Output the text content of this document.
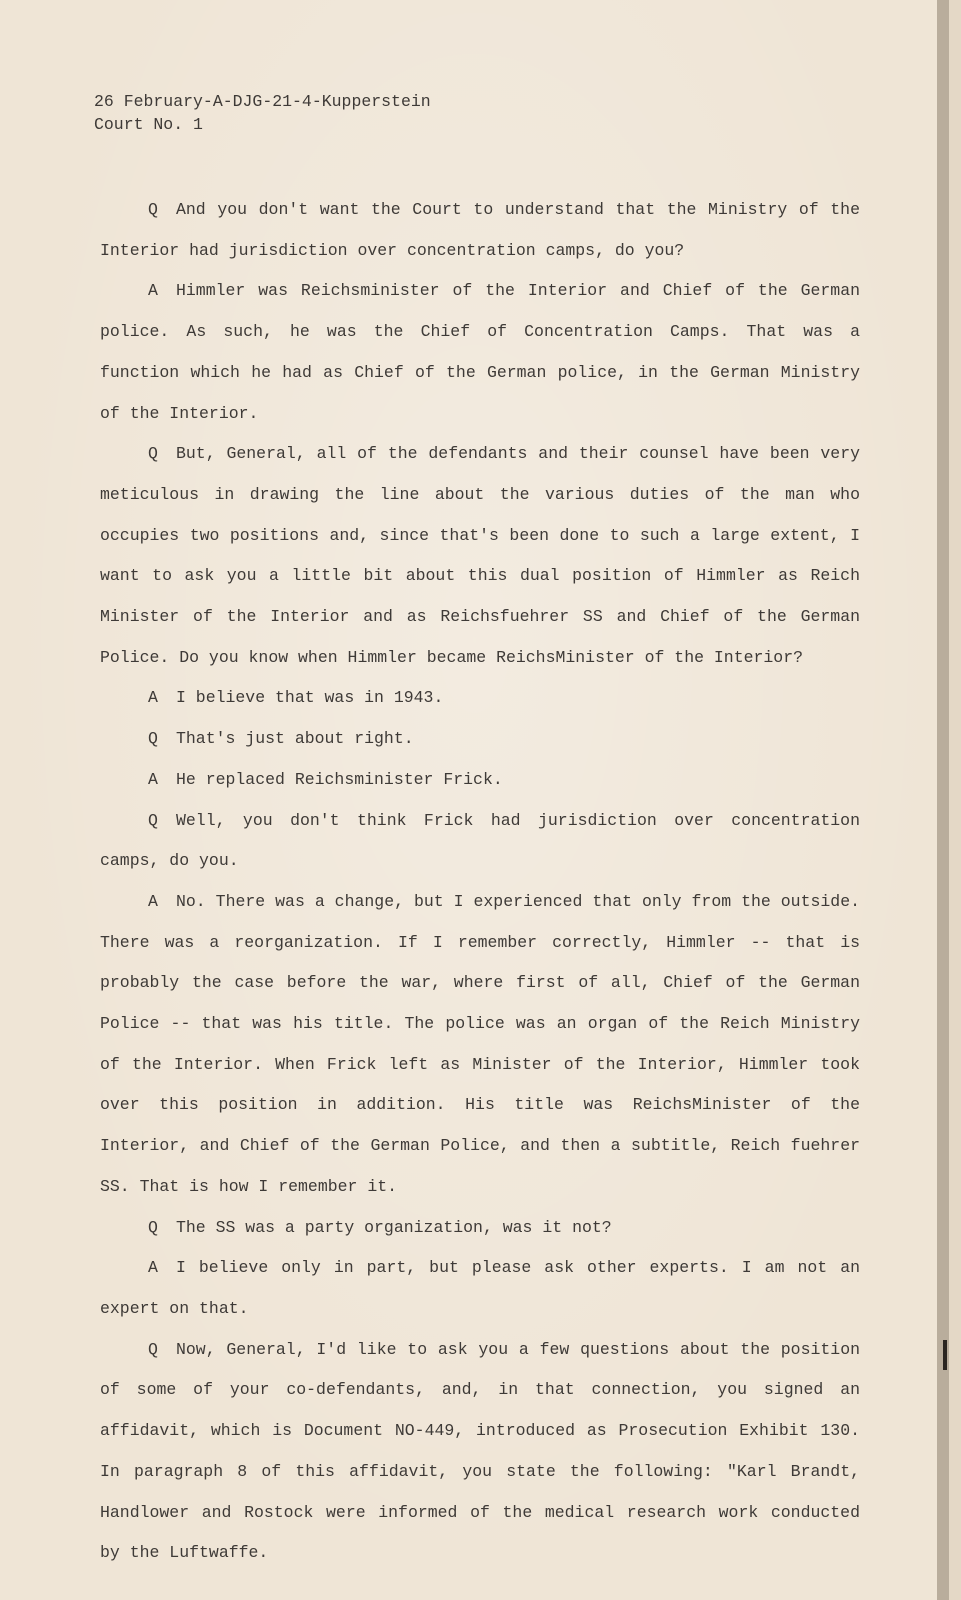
26 February-A-DJG-21-4-Kupperstein
Court No. 1

Q And you don't want the Court to understand that the Ministry of the Interior had jurisdiction over concentration camps, do you?

A Himmler was Reichsminister of the Interior and Chief of the German police. As such, he was the Chief of Concentration Camps. That was a function which he had as Chief of the German police, in the German Ministry of the Interior.

Q But, General, all of the defendants and their counsel have been very meticulous in drawing the line about the various duties of the man who occupies two positions and, since that's been done to such a large extent, I want to ask you a little bit about this dual position of Himmler as Reich Minister of the Interior and as Reichsfuehrer SS and Chief of the German Police. Do you know when Himmler became ReichsMinister of the Interior?

A I believe that was in 1943.

Q That's just about right.

A He replaced Reichsminister Frick.

Q Well, you don't think Frick had jurisdiction over concentration camps, do you.

A No. There was a change, but I experienced that only from the outside. There was a reorganization. If I remember correctly, Himmler -- that is probably the case before the war, where first of all, Chief of the German Police -- that was his title. The police was an organ of the Reich Ministry of the Interior. When Frick left as Minister of the Interior, Himmler took over this position in addition. His title was ReichsMinister of the Interior, and Chief of the German Police, and then a subtitle, Reich fuehrer SS. That is how I remember it.

Q The SS was a party organization, was it not?

A I believe only in part, but please ask other experts. I am not an expert on that.

Q Now, General, I'd like to ask you a few questions about the position of some of your co-defendants, and, in that connection, you signed an affidavit, which is Document NO-449, introduced as Prosecution Exhibit 130. In paragraph 8 of this affidavit, you state the following: "Karl Brandt, Handlower and Rostock were informed of the medical research work conducted by the Luftwaffe.
